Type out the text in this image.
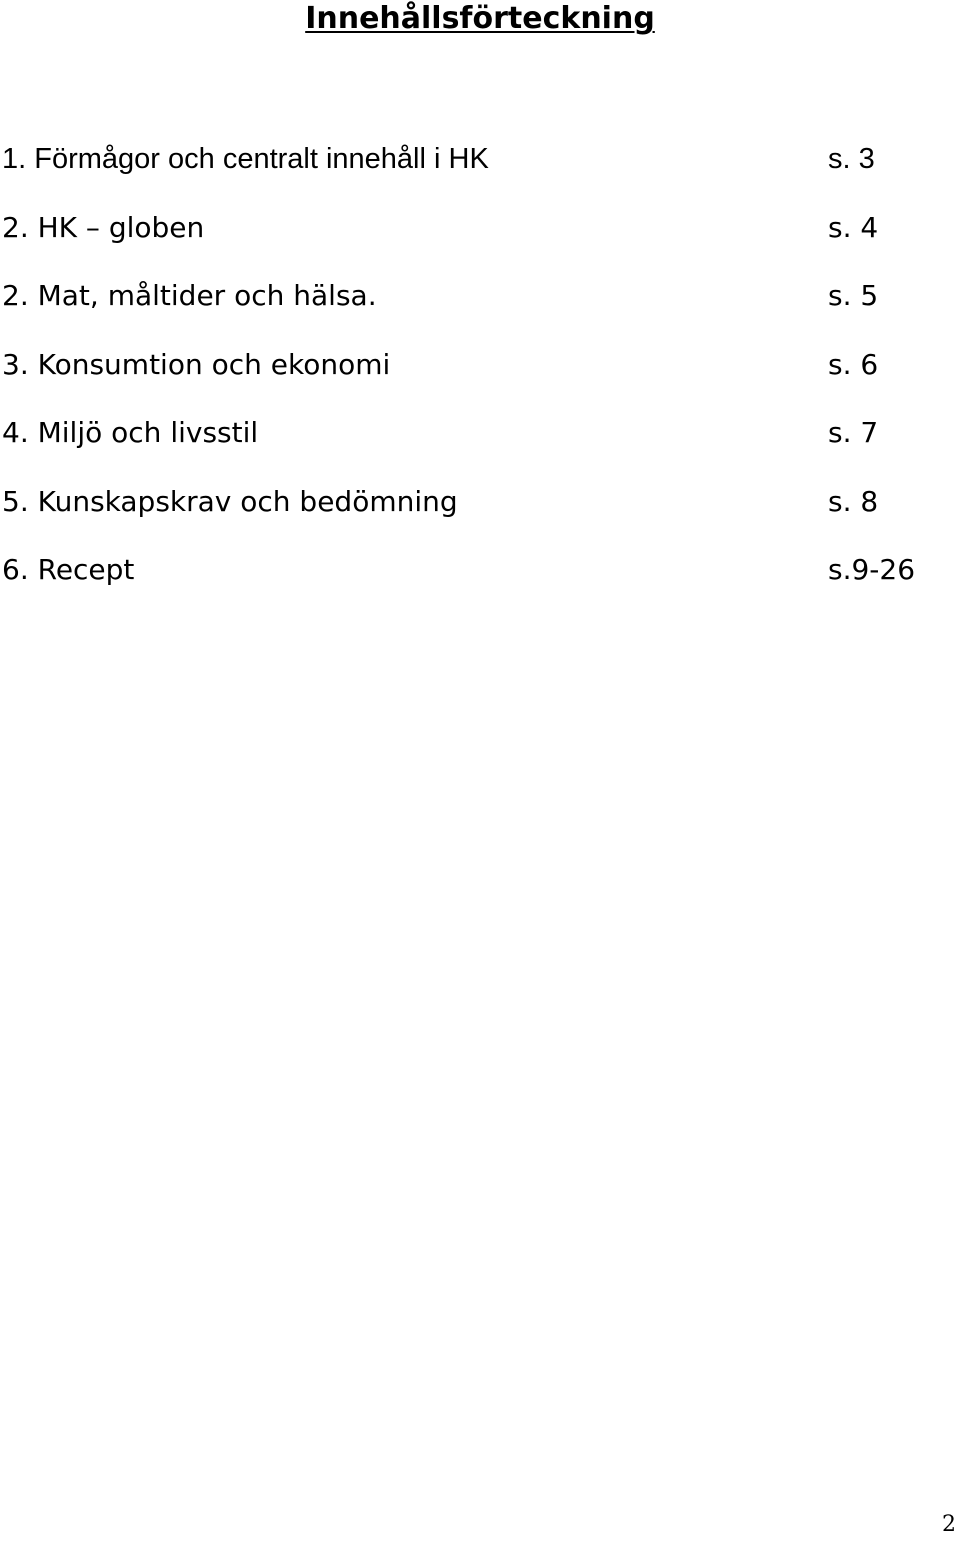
Innehållsförteckning
1. Förmågor och centralt innehåll i HK	s. 3
2. HK – globen	s. 4
2. Mat, måltider och hälsa.	s. 5
3. Konsumtion och ekonomi	s. 6
4. Miljö och livsstil	s. 7
5. Kunskapskrav och bedömning	s. 8
6. Recept	s.9-26
2
